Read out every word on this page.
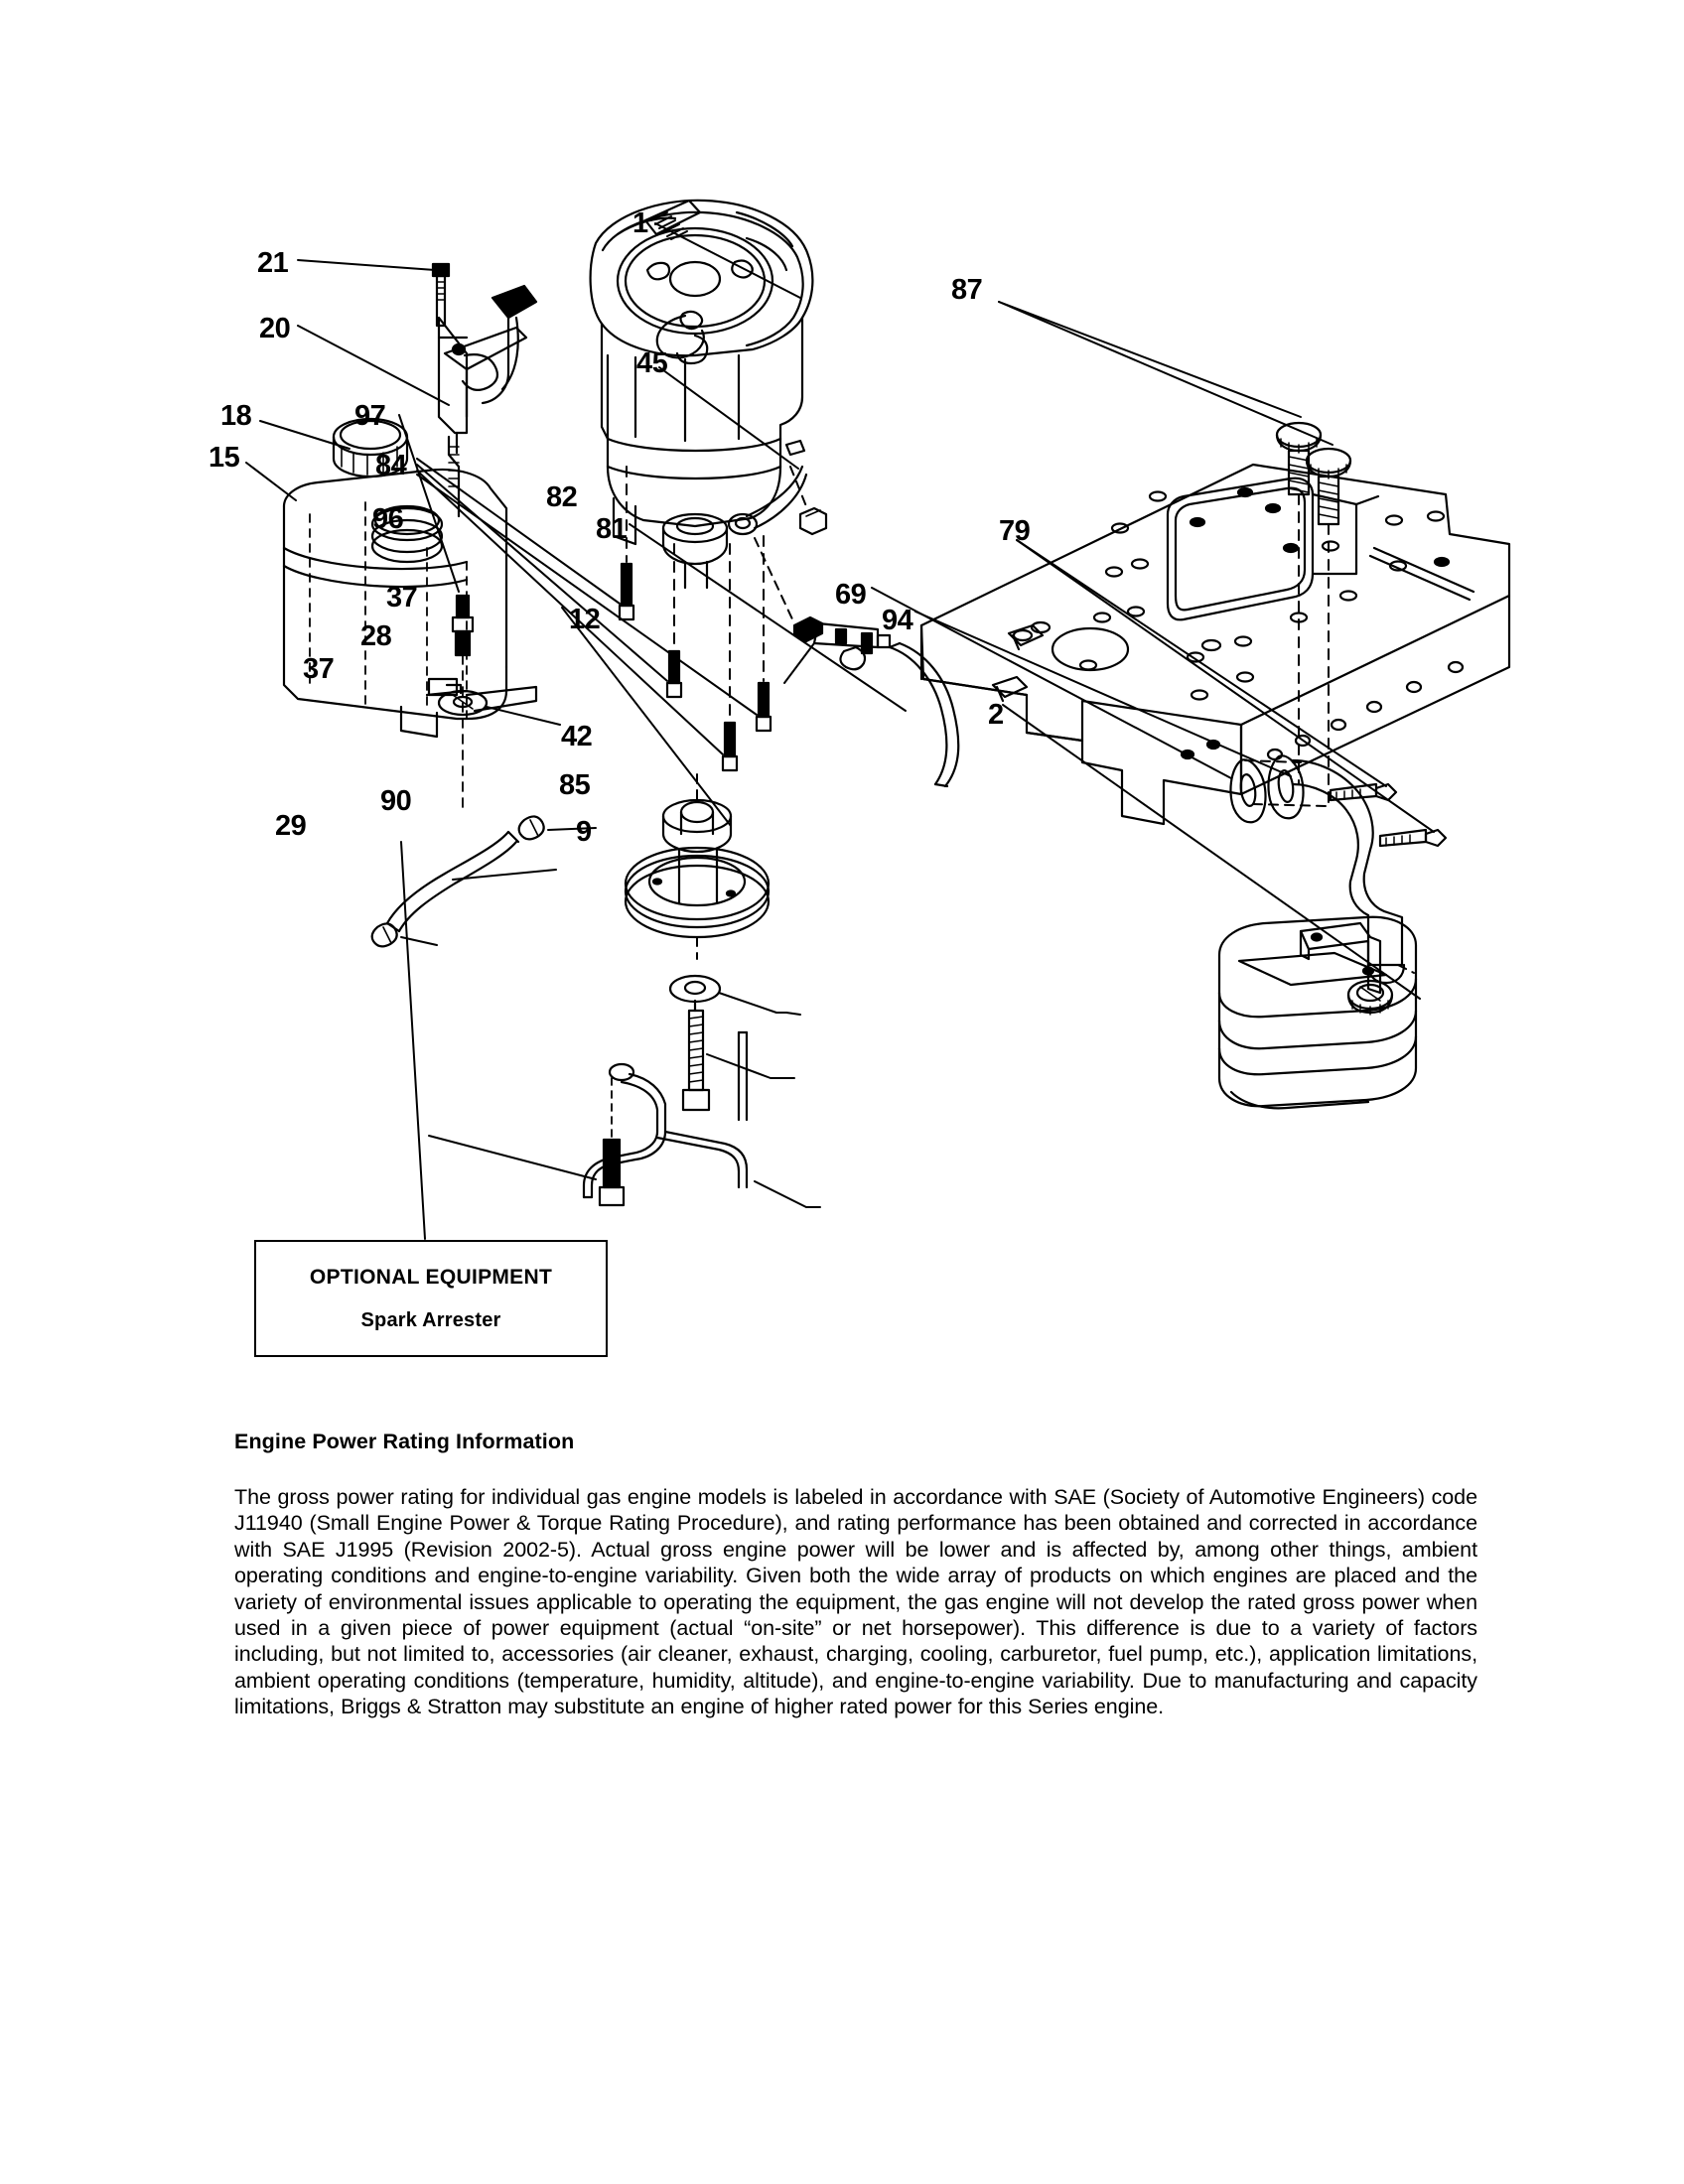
1
21
20
87
45
18	97
15	84
82
96	81	79
12
69
94
37
28
37
2
42
85
90
9
29
OPTIONAL EQUIPMENT
Spark Arrester
Engine Power Rating Information

The gross power rating for individual gas engine models is labeled in accordance with SAE (Society of Automotive Engineers) code J11940 (Small Engine Power & Torque Rating Procedure), and rating performance has been obtained and corrected in accordance with SAE J1995 (Revision 2002-5). Actual gross engine power will be lower and is affected by, among other things, ambient operating conditions and engine-to-engine variability. Given both the wide array of products on which engines are placed and the variety of environmental issues applicable to operating the equipment, the gas engine will not develop the rated gross power when used in a given piece of power equipment (actual “on-site” or net horsepower). This difference is due to a variety of factors including, but not limited to, accessories (air cleaner, exhaust, charging, cooling, carburetor, fuel pump, etc.), application limitations, ambient operating conditions (temperature, humidity, altitude), and engine-to-engine variability. Due to manufacturing and capacity limitations, Briggs & Stratton may substitute an engine of higher rated power for this Series engine.
